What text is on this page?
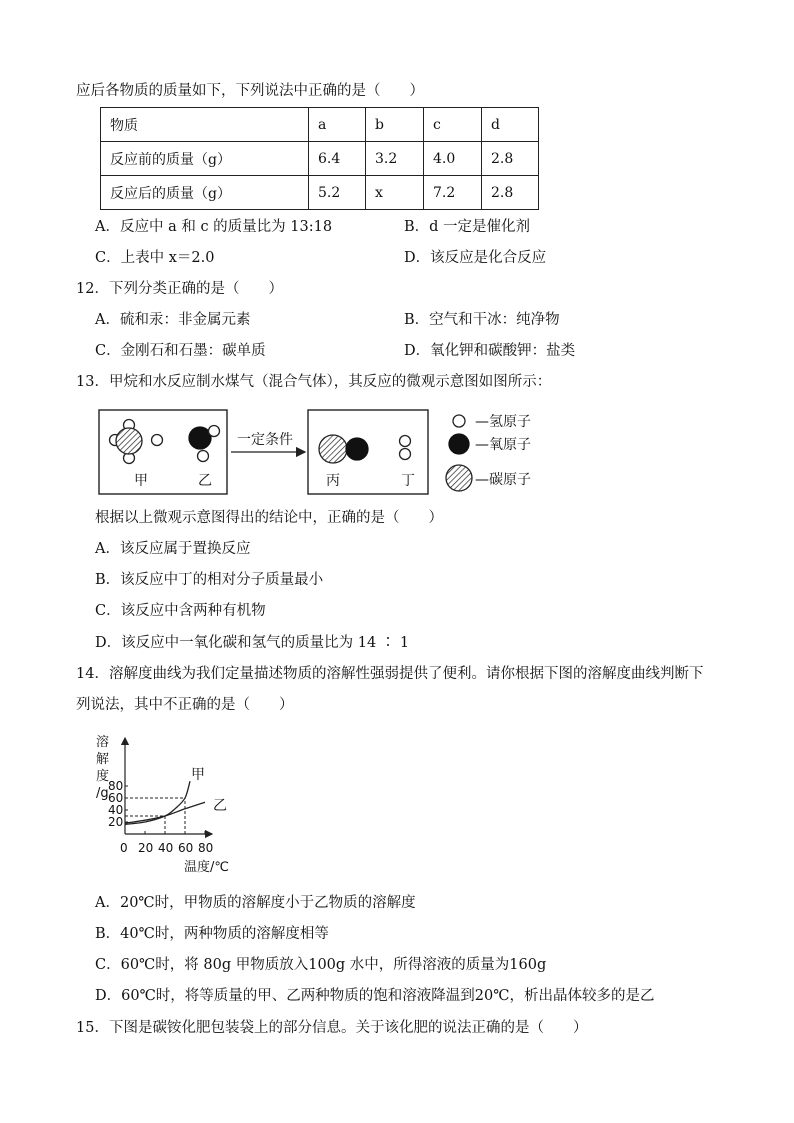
应后各物质的质量如下，下列说法中正确的是（　　）
物质	a	b	c	d
反应前的质量（g）	6.4	3.2	4.0	2.8
反应后的质量（g）	5.2	x	7.2	2.8
A．反应中 a 和 c 的质量比为 13:18	B．d 一定是催化剂
C．上表中 x＝2.0	D．该反应是化合反应
12．下列分类正确的是（　　）
A．硫和汞：非金属元素	B．空气和干冰：纯净物
C．金刚石和石墨：碳单质	D．氧化钾和碳酸钾：盐类
13．甲烷和水反应制水煤气（混合气体），其反应的微观示意图如图所示：
甲	乙
一定条件
丙	丁
—氢原子
—氧原子
—碳原子
根据以上微观示意图得出的结论中，正确的是（　　）
A．该反应属于置换反应
B．该反应中丁的相对分子质量最小
C．该反应中含两种有机物
D．该反应中一氧化碳和氢气的质量比为 14 ∶ 1
14．溶解度曲线为我们定量描述物质的溶解性强弱提供了便利。请你根据下图的溶解度曲线判断下
列说法，其中不正确的是（　　）
溶
解
度
/g
20 40 60 80
20
40
60
80
甲
乙
0
温度/℃
A．20℃时，甲物质的溶解度小于乙物质的溶解度
B．40℃时，两种物质的溶解度相等
C．60℃时，将 80g 甲物质放入100g 水中，所得溶液的质量为160g
D．60℃时，将等质量的甲、乙两种物质的饱和溶液降温到20℃，析出晶体较多的是乙
15．下图是碳铵化肥包装袋上的部分信息。关于该化肥的说法正确的是（　　）
